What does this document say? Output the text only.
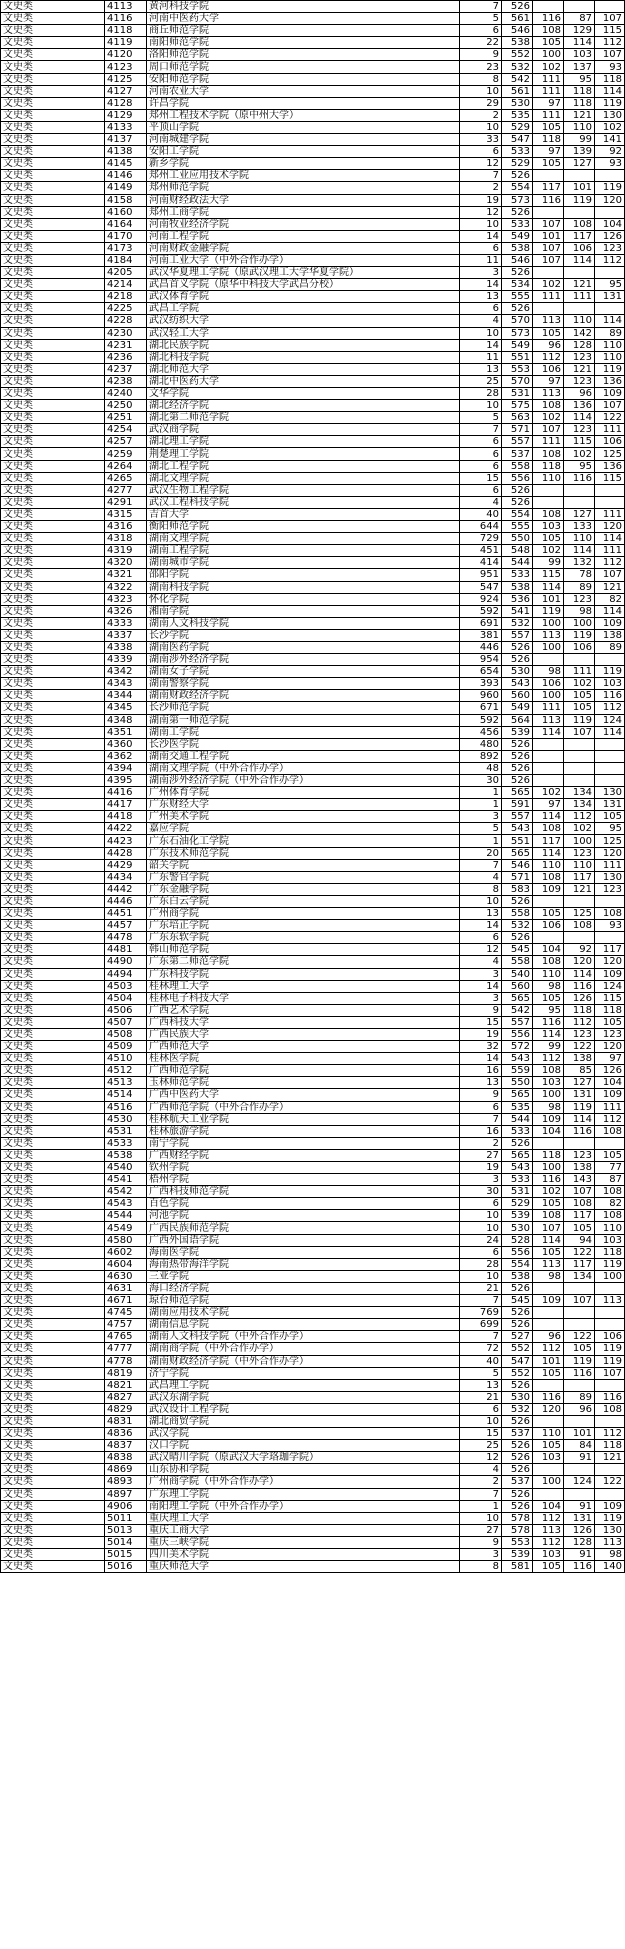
文史类	4113	黄河科技学院	7	526			
文史类	4116	河南中医药大学	5	561	116	87	107
文史类	4118	商丘师范学院	6	546	108	129	115
文史类	4119	南阳师范学院	22	538	105	114	112
文史类	4120	洛阳师范学院	9	552	100	103	107
文史类	4123	周口师范学院	23	532	102	137	93
文史类	4125	安阳师范学院	8	542	111	95	118
文史类	4127	河南农业大学	10	561	111	118	114
文史类	4128	许昌学院	29	530	97	118	119
文史类	4129	郑州工程技术学院（原中州大学）	2	535	111	121	130
文史类	4133	平顶山学院	10	529	105	110	102
文史类	4137	河南城建学院	33	547	118	99	141
文史类	4138	安阳工学院	6	533	97	139	92
文史类	4145	新乡学院	12	529	105	127	93
文史类	4146	郑州工业应用技术学院	7	526			
文史类	4149	郑州师范学院	2	554	117	101	119
文史类	4158	河南财经政法大学	19	573	116	119	120
文史类	4160	郑州工商学院	12	526			
文史类	4164	河南牧业经济学院	10	533	107	108	104
文史类	4170	河南工程学院	14	549	101	117	126
文史类	4173	河南财政金融学院	6	538	107	106	123
文史类	4184	河南工业大学（中外合作办学）	11	546	107	114	112
文史类	4205	武汉华夏理工学院（原武汉理工大学华夏学院）	3	526			
文史类	4214	武昌首义学院（原华中科技大学武昌分校）	14	534	102	121	95
文史类	4218	武汉体育学院	13	555	111	111	131
文史类	4225	武昌工学院	6	526			
文史类	4228	武汉纺织大学	4	570	113	110	114
文史类	4230	武汉轻工大学	10	573	105	142	89
文史类	4231	湖北民族学院	14	549	96	128	110
文史类	4236	湖北科技学院	11	551	112	123	110
文史类	4237	湖北师范大学	13	553	106	121	119
文史类	4238	湖北中医药大学	25	570	97	123	136
文史类	4240	文华学院	28	531	113	96	109
文史类	4250	湖北经济学院	10	575	108	136	107
文史类	4251	湖北第二师范学院	5	563	102	114	122
文史类	4254	武汉商学院	7	571	107	123	111
文史类	4257	湖北理工学院	6	557	111	115	106
文史类	4259	荆楚理工学院	6	537	108	102	125
文史类	4264	湖北工程学院	6	558	118	95	136
文史类	4265	湖北文理学院	15	556	110	116	115
文史类	4277	武汉生物工程学院	6	526			
文史类	4291	武汉工程科技学院	4	526			
文史类	4315	吉首大学	40	554	108	127	111
文史类	4316	衡阳师范学院	644	555	103	133	120
文史类	4318	湖南文理学院	729	550	105	110	114
文史类	4319	湖南工程学院	451	548	102	114	111
文史类	4320	湖南城市学院	414	544	99	132	112
文史类	4321	邵阳学院	951	533	115	78	107
文史类	4322	湖南科技学院	547	538	114	89	121
文史类	4323	怀化学院	924	536	101	123	82
文史类	4326	湘南学院	592	541	119	98	114
文史类	4333	湖南人文科技学院	691	532	100	100	109
文史类	4337	长沙学院	381	557	113	119	138
文史类	4338	湖南医药学院	446	526	100	106	89
文史类	4339	湖南涉外经济学院	954	526			
文史类	4342	湖南女子学院	654	530	98	111	119
文史类	4343	湖南警察学院	393	543	106	102	103
文史类	4344	湖南财政经济学院	960	560	100	105	116
文史类	4345	长沙师范学院	671	549	111	105	112
文史类	4348	湖南第一师范学院	592	564	113	119	124
文史类	4351	湖南工学院	456	539	114	107	114
文史类	4360	长沙医学院	480	526			
文史类	4362	湖南交通工程学院	892	526			
文史类	4394	湖南文理学院（中外合作办学）	48	526			
文史类	4395	湖南涉外经济学院（中外合作办学）	30	526			
文史类	4416	广州体育学院	1	565	102	134	130
文史类	4417	广东财经大学	1	591	97	134	131
文史类	4418	广州美术学院	3	557	114	112	105
文史类	4422	嘉应学院	5	543	108	102	95
文史类	4423	广东石油化工学院	1	551	117	100	125
文史类	4428	广东技术师范学院	20	565	114	123	120
文史类	4429	韶关学院	7	546	110	110	111
文史类	4434	广东警官学院	4	571	108	117	130
文史类	4442	广东金融学院	8	583	109	121	123
文史类	4446	广东白云学院	10	526			
文史类	4451	广州商学院	13	558	105	125	108
文史类	4457	广东培正学院	14	532	106	108	93
文史类	4478	广东东软学院	6	526			
文史类	4481	韩山师范学院	12	545	104	92	117
文史类	4490	广东第二师范学院	4	558	108	120	120
文史类	4494	广东科技学院	3	540	110	114	109
文史类	4503	桂林理工大学	14	560	98	116	124
文史类	4504	桂林电子科技大学	3	565	105	126	115
文史类	4506	广西艺术学院	9	542	95	118	118
文史类	4507	广西科技大学	15	557	116	112	105
文史类	4508	广西民族大学	19	556	114	123	123
文史类	4509	广西师范大学	32	572	99	122	120
文史类	4510	桂林医学院	14	543	112	138	97
文史类	4512	广西师范学院	16	559	108	85	126
文史类	4513	玉林师范学院	13	550	103	127	104
文史类	4514	广西中医药大学	9	565	100	131	109
文史类	4516	广西师范学院（中外合作办学）	6	535	98	119	111
文史类	4530	桂林航天工业学院	7	544	109	114	112
文史类	4531	桂林旅游学院	16	533	104	116	108
文史类	4533	南宁学院	2	526			
文史类	4538	广西财经学院	27	565	118	123	105
文史类	4540	钦州学院	19	543	100	138	77
文史类	4541	梧州学院	3	533	116	143	87
文史类	4542	广西科技师范学院	30	531	102	107	108
文史类	4543	百色学院	6	529	105	108	82
文史类	4544	河池学院	10	539	108	117	108
文史类	4549	广西民族师范学院	10	530	107	105	110
文史类	4580	广西外国语学院	24	528	114	94	103
文史类	4602	海南医学院	6	556	105	122	118
文史类	4604	海南热带海洋学院	28	554	113	117	119
文史类	4630	三亚学院	10	538	98	134	100
文史类	4631	海口经济学院	21	526			
文史类	4671	琼台师范学院	7	545	109	107	113
文史类	4745	湖南应用技术学院	769	526			
文史类	4757	湖南信息学院	699	526			
文史类	4765	湖南人文科技学院（中外合作办学）	7	527	96	122	106
文史类	4777	湖南商学院（中外合作办学）	72	552	112	105	119
文史类	4778	湖南财政经济学院（中外合作办学）	40	547	101	119	119
文史类	4819	济宁学院	5	552	105	116	107
文史类	4821	武昌理工学院	13	526			
文史类	4827	武汉东湖学院	21	530	116	89	116
文史类	4829	武汉设计工程学院	6	532	120	96	108
文史类	4831	湖北商贸学院	10	526			
文史类	4836	武汉学院	15	537	110	101	112
文史类	4837	汉口学院	25	526	105	84	118
文史类	4838	武汉晴川学院（原武汉大学珞珈学院）	12	526	103	91	121
文史类	4869	山东协和学院	4	526			
文史类	4893	广州商学院（中外合作办学）	2	537	100	124	122
文史类	4897	广东理工学院	7	526			
文史类	4906	南阳理工学院（中外合作办学）	1	526	104	91	109
文史类	5011	重庆理工大学	10	578	112	131	119
文史类	5013	重庆工商大学	27	578	113	126	130
文史类	5014	重庆三峡学院	9	553	112	128	113
文史类	5015	四川美术学院	3	539	103	91	98
文史类	5016	重庆师范大学	8	581	105	116	140
